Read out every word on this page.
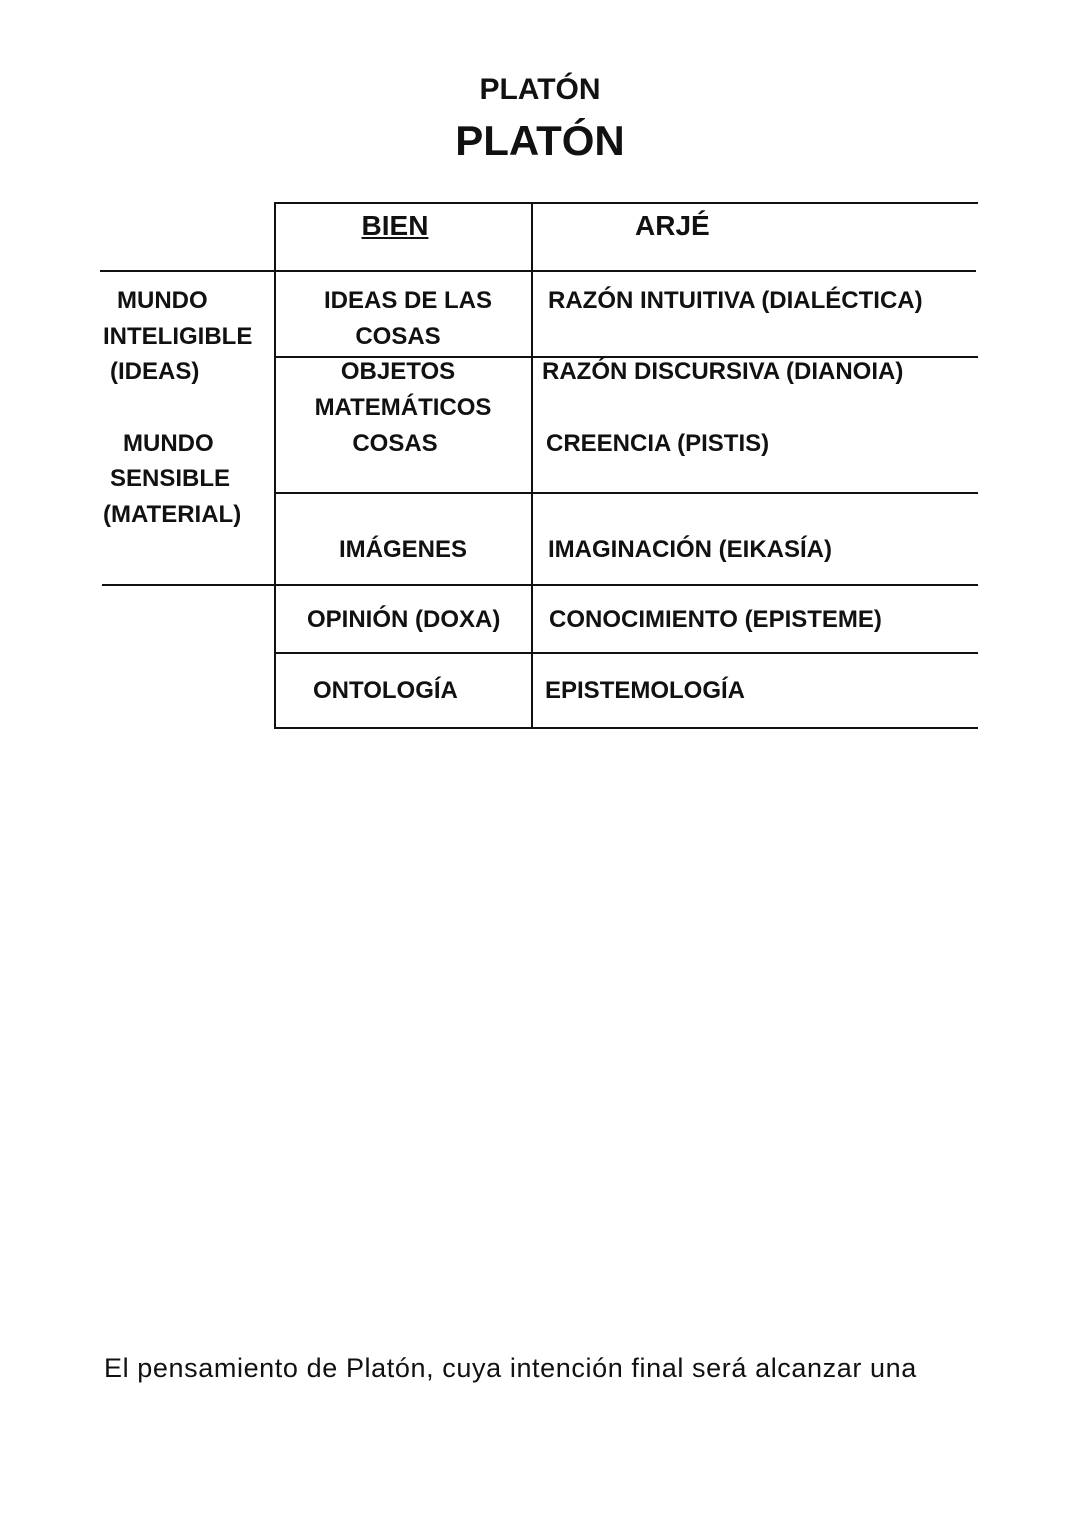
PLATÓN
PLATÓN
BIEN	ARJÉ
MUNDO
INTELIGIBLE
(IDEAS)
MUNDO
SENSIBLE
(MATERIAL)
IDEAS DE LAS
COSAS
OBJETOS
MATEMÁTICOS
COSAS
IMÁGENES
OPINIÓN (DOXA)
ONTOLOGÍA
RAZÓN INTUITIVA (DIALÉCTICA)
RAZÓN DISCURSIVA (DIANOIA)
CREENCIA (PISTIS)
IMAGINACIÓN (EIKASÍA)
CONOCIMIENTO (EPISTEME)
EPISTEMOLOGÍA
El pensamiento de Platón, cuya intención final será alcanzar una
